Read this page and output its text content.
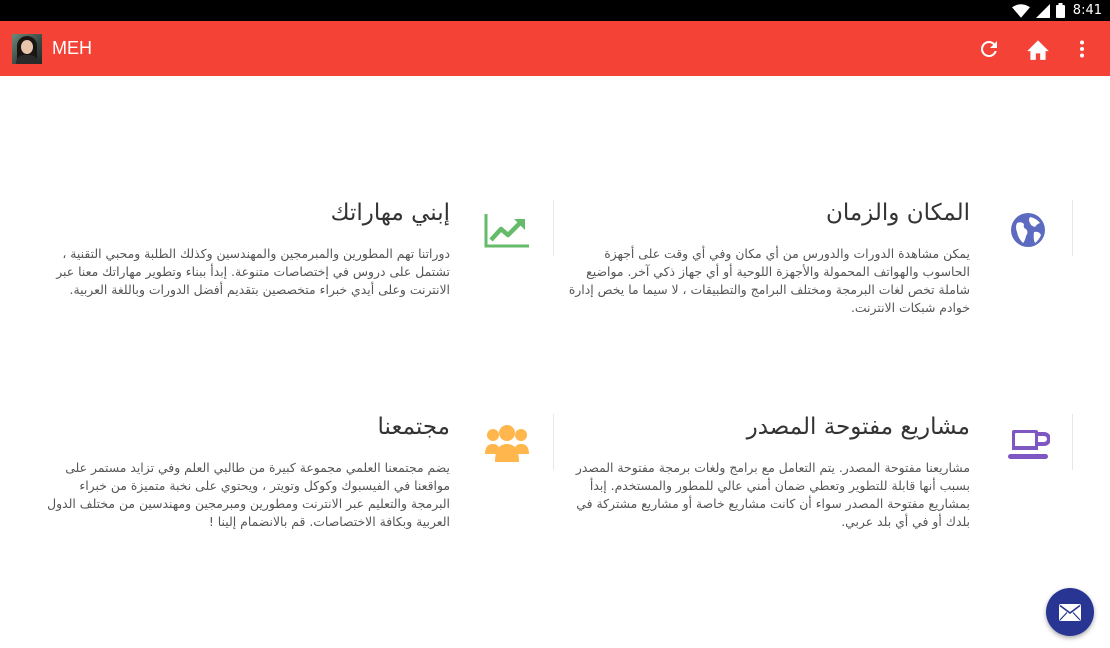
8:41
MEH
المكان والزمان
يمكن مشاهدة الدورات والدورس من أي مكان وفي أي وقت على أجهزة الحاسوب والهواتف المحمولة والأجهزة اللوحية أو أي جهاز ذكي آخر. مواضيع شاملة تخص لغات البرمجة ومختلف البرامج والتطبيقات ، لا سيما ما يخص إدارة خوادم شبكات الانترنت.
إبني مهاراتك
دوراتنا تهم المطورين والمبرمجين والمهندسين وكذلك الطلبة ومحبي التقنية ، تشتمل على دروس في إختصاصات متنوعة. إبدأ ببناء وتطوير مهاراتك معنا عبر الانترنت وعلى أيدي خبراء متخصصين بتقديم أفضل الدورات وباللغة العربية.
مشاريع مفتوحة المصدر
مشاريعنا مفتوحة المصدر. يتم التعامل مع برامج ولغات برمجة مفتوحة المصدر بسبب أنها قابلة للتطوير وتعطي ضمان أمني عالي للمطور والمستخدم. إبدأ بمشاريع مفتوحة المصدر سواء أن كانت مشاريع خاصة أو مشاريع مشتركة في بلدك أو في أي بلد عربي.
مجتمعنا
يضم مجتمعنا العلمي مجموعة كبيرة من طالبي العلم وفي تزايد مستمر على مواقعنا في الفيسبوك وكوكل وتويتر ، ويحتوي على نخبة متميزة من خبراء البرمجة والتعليم عبر الانترنت ومطورين ومبرمجين ومهندسين من مختلف الدول العربية وبكافة الاختصاصات. قم بالانضمام إلينا !
